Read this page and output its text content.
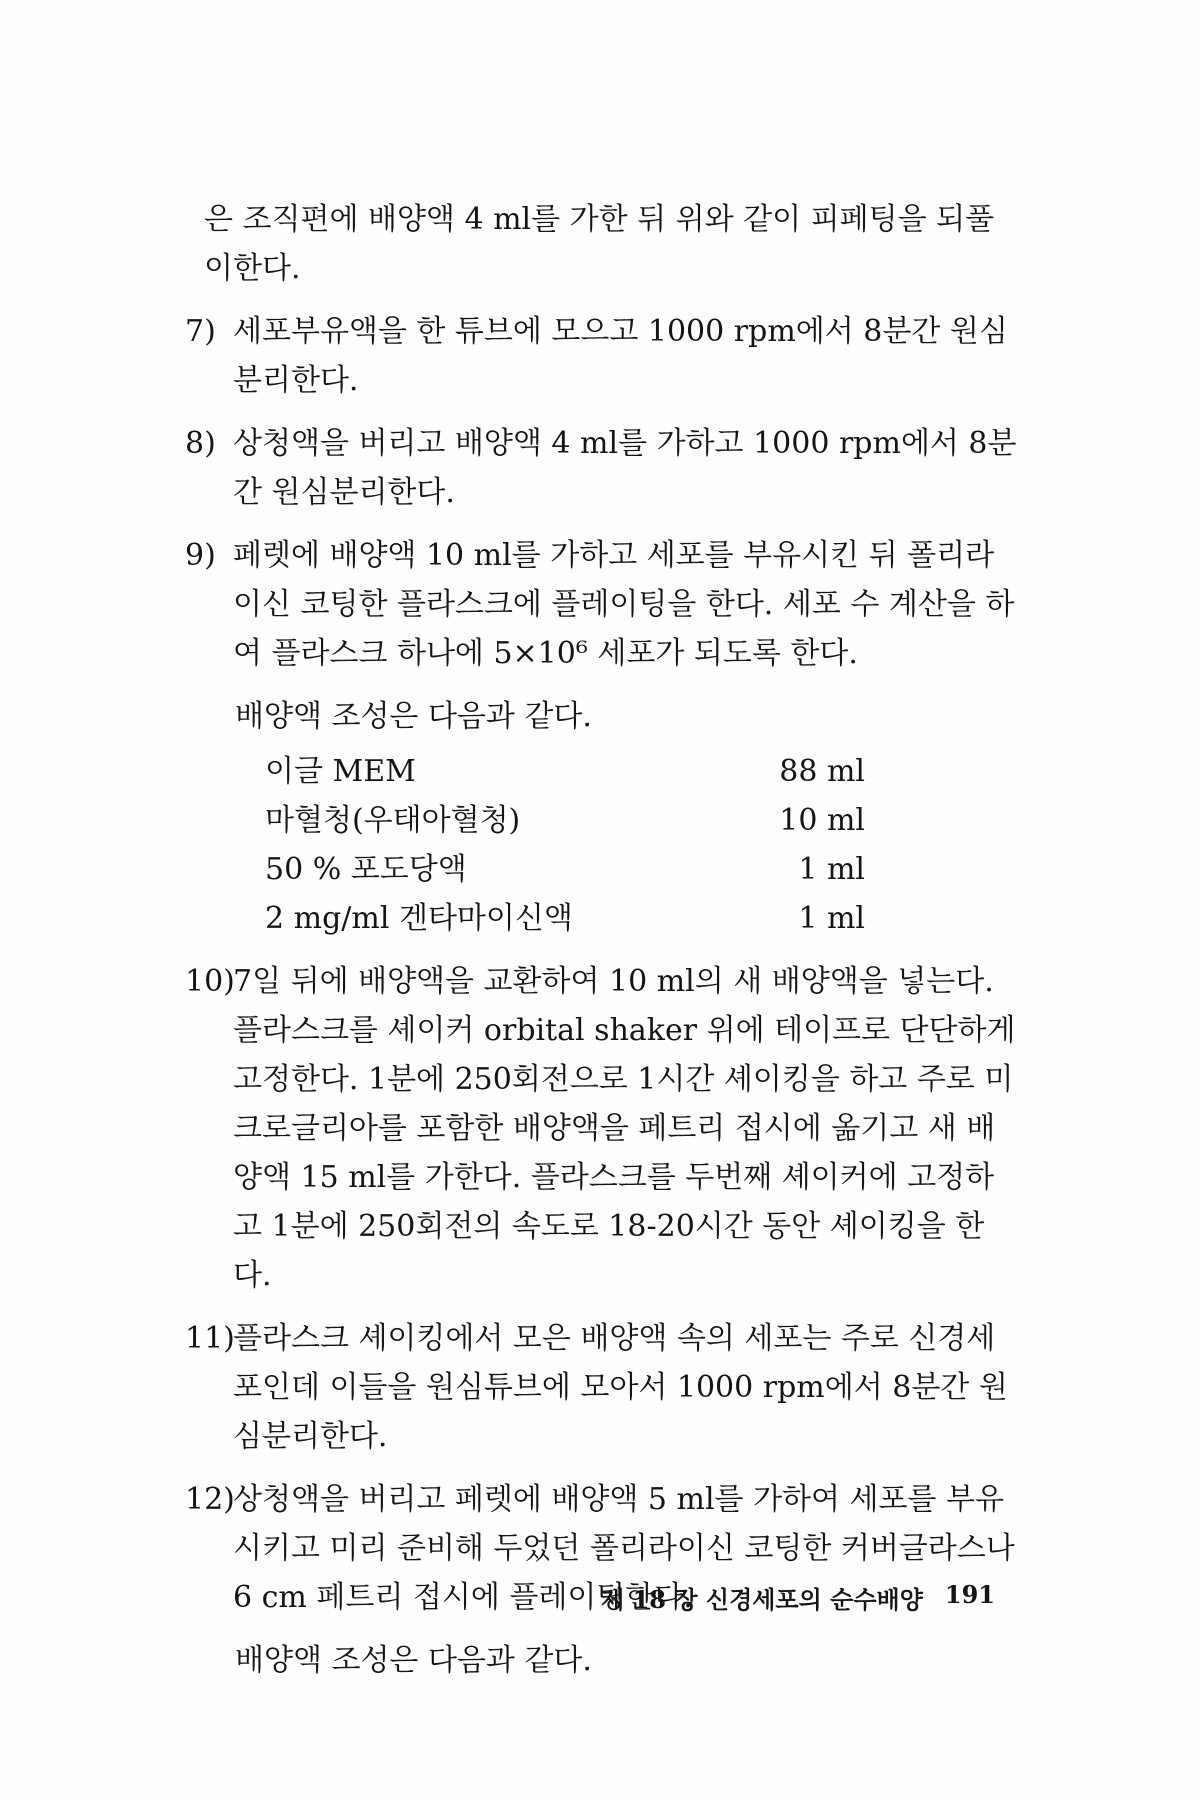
은 조직편에 배양액 4 ml를 가한 뒤 위와 같이 피페팅을 되풀이한다.

7) 세포부유액을 한 튜브에 모으고 1000 rpm에서 8분간 원심분리한다.
8) 상청액을 버리고 배양액 4 ml를 가하고 1000 rpm에서 8분간 원심분리한다.
9) 페렛에 배양액 10 ml를 가하고 세포를 부유시킨 뒤 폴리라이신 코팅한 플라스크에 플레이팅을 한다. 세포 수 계산을 하여 플라스크 하나에 5×10⁶ 세포가 되도록 한다.

배양액 조성은 다음과 같다.

이글 MEM	88 ml
마혈청(우태아혈청)	10 ml
50 % 포도당액	1 ml
2 mg/ml 겐타마이신액	1 ml
10)
7일 뒤에 배양액을 교환하여 10 ml의 새 배양액을 넣는다. 플라스크를 셰이커 orbital shaker 위에 테이프로 단단하게 고정한다. 1분에 250회전으로 1시간 셰이킹을 하고 주로 미크로글리아를 포함한 배양액을 페트리 접시에 옮기고 새 배양액 15 ml를 가한다. 플라스크를 두번째 셰이커에 고정하고 1분에 250회전의 속도로 18-20시간 동안 셰이킹을 한다.
11)
플라스크 셰이킹에서 모은 배양액 속의 세포는 주로 신경세포인데 이들을 원심튜브에 모아서 1000 rpm에서 8분간 원심분리한다.
12)
상청액을 버리고 페렛에 배양액 5 ml를 가하여 세포를 부유시키고 미리 준비해 두었던 폴리라이신 코팅한 커버글라스나 6 cm 페트리 접시에 플레이팅한다.

배양액 조성은 다음과 같다.

제 18 장 신경세포의 순수배양 191
